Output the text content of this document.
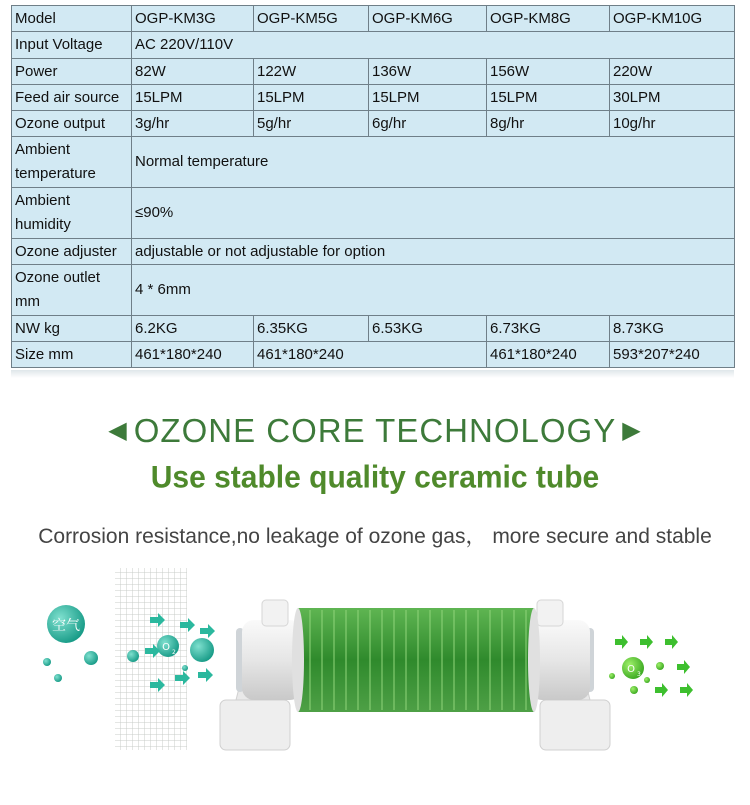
Model	OGP-KM3G	OGP-KM5G	OGP-KM6G	OGP-KM8G	OGP-KM10G
Input Voltage	AC 220V/110V				
Power	82W	122W	136W	156W	220W
Feed air source	15LPM	15LPM	15LPM	15LPM	30LPM
Ozone output	3g/hr	5g/hr	6g/hr	8g/hr	10g/hr
Ambient temperature	Normal temperature				
Ambient humidity	≤90%				
Ozone adjuster	adjustable or not adjustable for option				
Ozone outlet mm	4 * 6mm				
NW kg	6.2KG	6.35KG	6.53KG	6.73KG	8.73KG
Size mm	461*180*240	461*180*240		461*180*240	593*207*240
◀ OZONE CORE TECHNOLOGY ▶
Use stable quality ceramic tube
Corrosion resistance,no leakage of ozone gas， more secure and stable
空气
O 2
O 3
